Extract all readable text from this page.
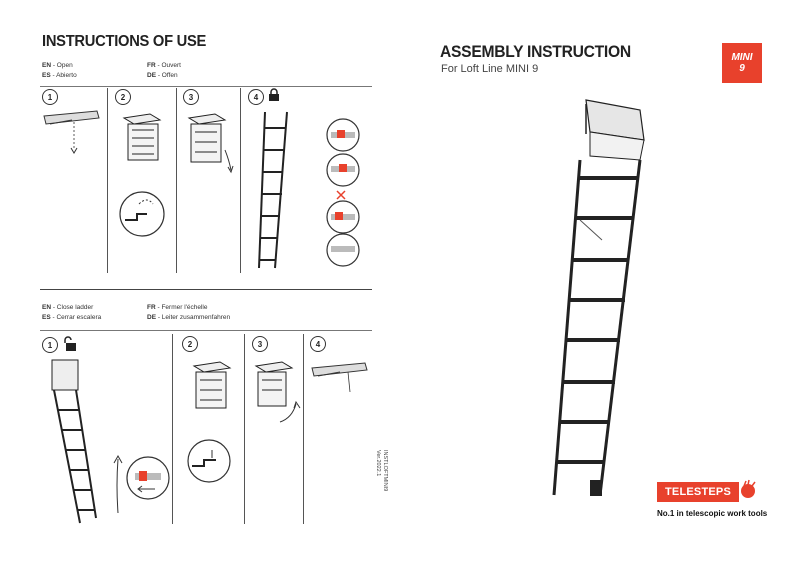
INSTRUCTIONS OF USE
EN - Open
ES - Abierto
FR - Ouvert
DE - Offen
1	2	3	4
EN - Close ladder
ES - Cerrar escalera
FR - Fermer l'échelle
DE - Leiter zusammenfahren
1	2	3	4
INSTLOFTMINI9
Ver.2022.1
ASSEMBLY INSTRUCTION
For Loft Line MINI 9
MINI
9
TELESTEPS
No.1 in telescopic work tools
